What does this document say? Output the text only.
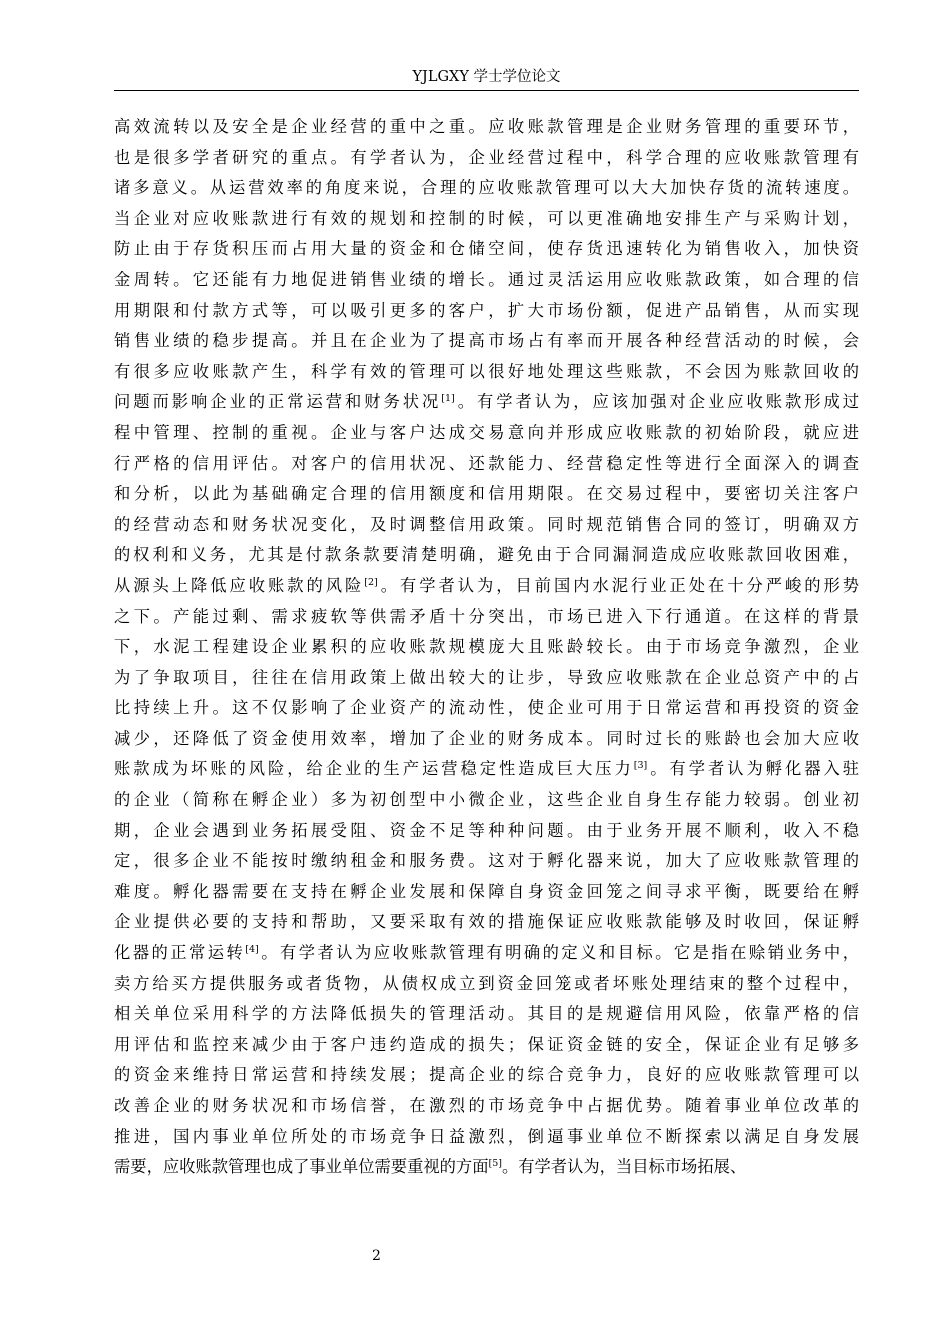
YJLGXY 学士学位论文
高效流转以及安全是企业经营的重中之重。应收账款管理是企业财务管理的重要环节，
也是很多学者研究的重点。有学者认为，企业经营过程中，科学合理的应收账款管理有
诸多意义。从运营效率的角度来说，合理的应收账款管理可以大大加快存货的流转速度。
当企业对应收账款进行有效的规划和控制的时候，可以更准确地安排生产与采购计划，
防止由于存货积压而占用大量的资金和仓储空间，使存货迅速转化为销售收入，加快资
金周转。它还能有力地促进销售业绩的增长。通过灵活运用应收账款政策，如合理的信
用期限和付款方式等，可以吸引更多的客户，扩大市场份额，促进产品销售，从而实现
销售业绩的稳步提高。并且在企业为了提高市场占有率而开展各种经营活动的时候，会
有很多应收账款产生，科学有效的管理可以很好地处理这些账款，不会因为账款回收的
问题而影响企业的正常运营和财务状况[1]。有学者认为，应该加强对企业应收账款形成过
程中管理、控制的重视。企业与客户达成交易意向并形成应收账款的初始阶段，就应进
行严格的信用评估。对客户的信用状况、还款能力、经营稳定性等进行全面深入的调查
和分析，以此为基础确定合理的信用额度和信用期限。在交易过程中，要密切关注客户
的经营动态和财务状况变化，及时调整信用政策。同时规范销售合同的签订，明确双方
的权利和义务，尤其是付款条款要清楚明确，避免由于合同漏洞造成应收账款回收困难，
从源头上降低应收账款的风险[2]。有学者认为，目前国内水泥行业正处在十分严峻的形势
之下。产能过剩、需求疲软等供需矛盾十分突出，市场已进入下行通道。在这样的背景
下，水泥工程建设企业累积的应收账款规模庞大且账龄较长。由于市场竞争激烈，企业
为了争取项目，往往在信用政策上做出较大的让步，导致应收账款在企业总资产中的占
比持续上升。这不仅影响了企业资产的流动性，使企业可用于日常运营和再投资的资金
减少，还降低了资金使用效率，增加了企业的财务成本。同时过长的账龄也会加大应收
账款成为坏账的风险，给企业的生产运营稳定性造成巨大压力[3]。有学者认为孵化器入驻
的企业（简称在孵企业）多为初创型中小微企业，这些企业自身生存能力较弱。创业初
期，企业会遇到业务拓展受阻、资金不足等种种问题。由于业务开展不顺利，收入不稳
定，很多企业不能按时缴纳租金和服务费。这对于孵化器来说，加大了应收账款管理的
难度。孵化器需要在支持在孵企业发展和保障自身资金回笼之间寻求平衡，既要给在孵
企业提供必要的支持和帮助，又要采取有效的措施保证应收账款能够及时收回，保证孵
化器的正常运转[4]。有学者认为应收账款管理有明确的定义和目标。它是指在赊销业务中，
卖方给买方提供服务或者货物，从债权成立到资金回笼或者坏账处理结束的整个过程中，
相关单位采用科学的方法降低损失的管理活动。其目的是规避信用风险，依靠严格的信
用评估和监控来减少由于客户违约造成的损失；保证资金链的安全，保证企业有足够多
的资金来维持日常运营和持续发展；提高企业的综合竞争力，良好的应收账款管理可以
改善企业的财务状况和市场信誉，在激烈的市场竞争中占据优势。随着事业单位改革的
推进，国内事业单位所处的市场竞争日益激烈，倒逼事业单位不断探索以满足自身发展
需要，应收账款管理也成了事业单位需要重视的方面[5]。有学者认为，当目标市场拓展、
2
